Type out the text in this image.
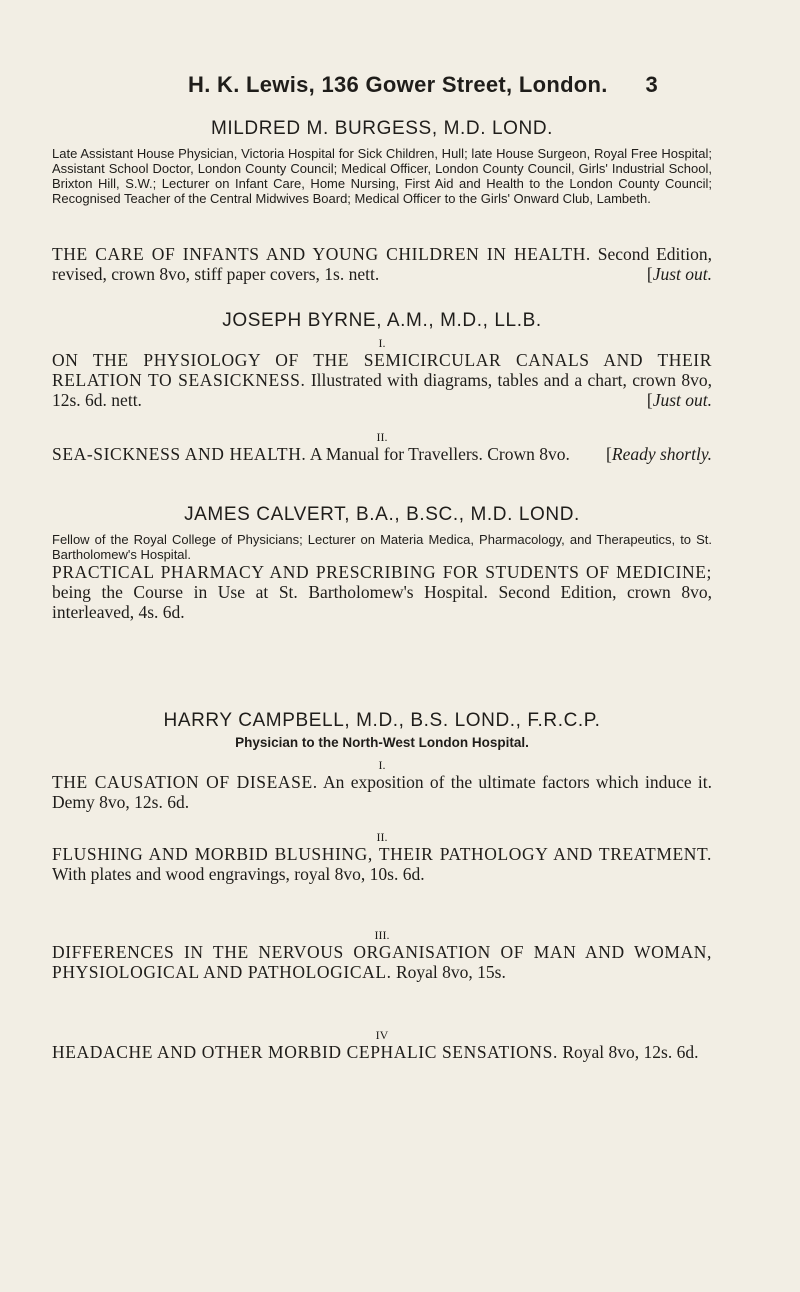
H. K. Lewis, 136 Gower Street, London. 3

MILDRED M. BURGESS, M.D. LOND.

Late Assistant House Physician, Victoria Hospital for Sick Children, Hull; late House Surgeon, Royal Free Hospital; Assistant School Doctor, London County Council; Medical Officer, London County Council, Girls' Industrial School, Brixton Hill, S.W.; Lecturer on Infant Care, Home Nursing, First Aid and Health to the London County Council; Recognised Teacher of the Central Midwives Board; Medical Officer to the Girls' Onward Club, Lambeth.

THE CARE OF INFANTS AND YOUNG CHILDREN IN HEALTH. Second Edition, revised, crown 8vo, stiff paper covers, 1s. nett.	[ Just out.

JOSEPH BYRNE, A.M., M.D., LL.B.

I.

ON THE PHYSIOLOGY OF THE SEMICIRCULAR CANALS AND THEIR RELATION TO SEASICKNESS. Illustrated with diagrams, tables and a chart, crown 8vo, 12s. 6d. nett.	[ Just out.

II.

SEA-SICKNESS AND HEALTH. A Manual for Travellers. Crown 8vo.	[ Ready shortly.

JAMES CALVERT, B.A., B.SC., M.D. LOND.

Fellow of the Royal College of Physicians; Lecturer on Materia Medica, Pharmacology, and Therapeutics, to St. Bartholomew's Hospital.

PRACTICAL PHARMACY AND PRESCRIBING FOR STUDENTS OF MEDICINE; being the Course in Use at St. Bartholomew's Hospital. Second Edition, crown 8vo, interleaved, 4s. 6d.

HARRY CAMPBELL, M.D., B.S. LOND., F.R.C.P.

Physician to the North-West London Hospital.

I.

THE CAUSATION OF DISEASE. An exposition of the ultimate factors which induce it. Demy 8vo, 12s. 6d.

II.

FLUSHING AND MORBID BLUSHING, THEIR PATHOLOGY AND TREATMENT. With plates and wood engravings, royal 8vo, 10s. 6d.

III.

DIFFERENCES IN THE NERVOUS ORGANISATION OF MAN AND WOMAN, PHYSIOLOGICAL AND PATHOLOGICAL. Royal 8vo, 15s.

IV

HEADACHE AND OTHER MORBID CEPHALIC SENSATIONS. Royal 8vo, 12s. 6d.
